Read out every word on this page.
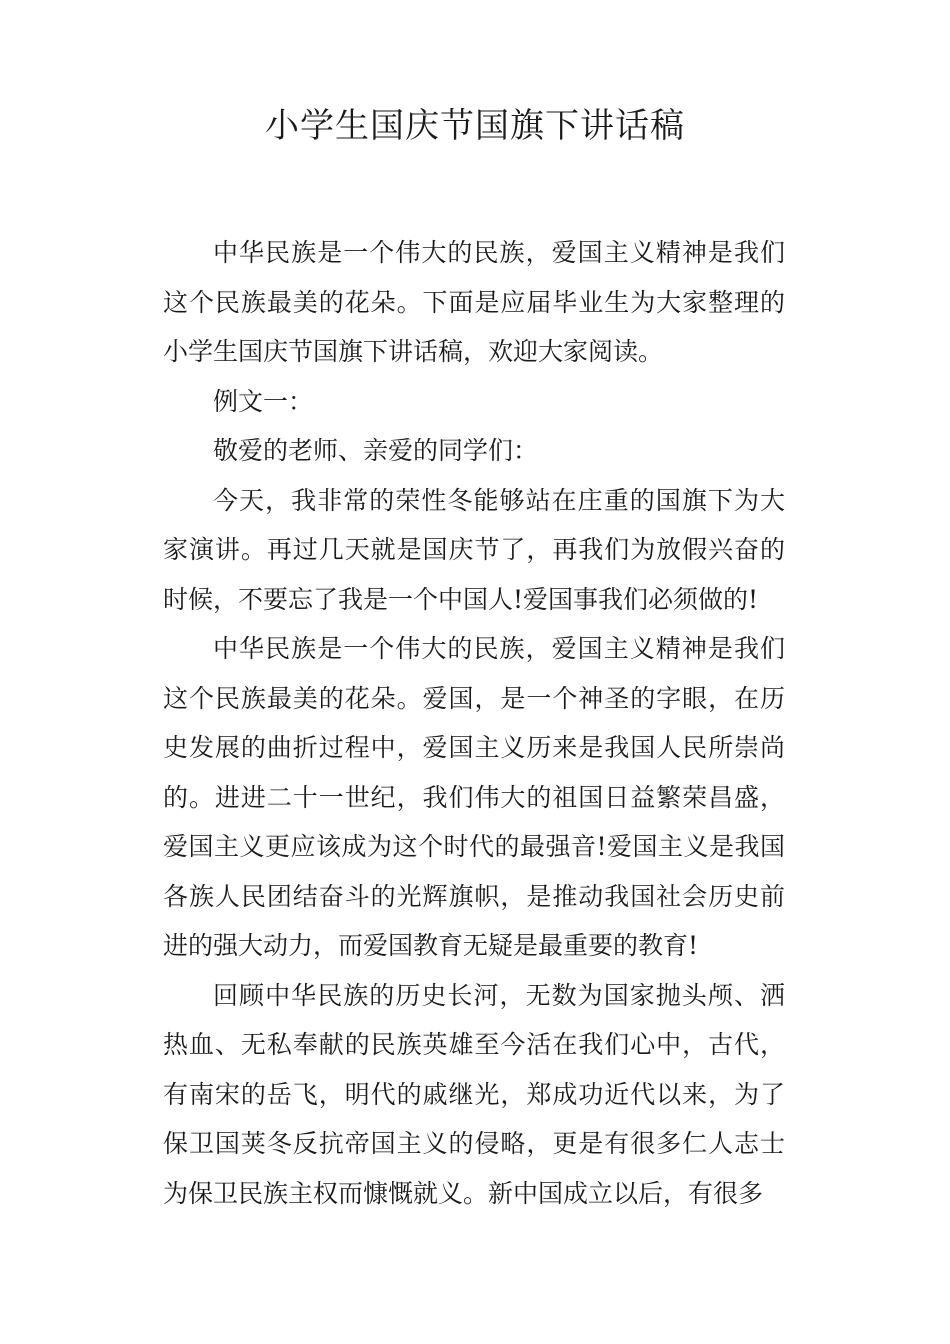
小学生国庆节国旗下讲话稿

中华民族是一个伟大的民族，爱国主义精神是我们这个民族最美的花朵。下面是应届毕业生为大家整理的小学生国庆节国旗下讲话稿，欢迎大家阅读。

例文一：

敬爱的老师、亲爱的同学们：

今天，我非常的荣性冬能够站在庄重的国旗下为大家演讲。再过几天就是国庆节了，再我们为放假兴奋的时候，不要忘了我是一个中国人!爱国事我们必须做的!

中华民族是一个伟大的民族，爱国主义精神是我们这个民族最美的花朵。爱国，是一个神圣的字眼，在历史发展的曲折过程中，爱国主义历来是我国人民所崇尚的。进进二十一世纪，我们伟大的祖国日益繁荣昌盛，爱国主义更应该成为这个时代的最强音!爱国主义是我国各族人民团结奋斗的光辉旗帜，是推动我国社会历史前进的强大动力，而爱国教育无疑是最重要的教育!

回顾中华民族的历史长河，无数为国家抛头颅、洒热血、无私奉献的民族英雄至今活在我们心中，古代，有南宋的岳飞，明代的戚继光，郑成功近代以来，为了保卫国荚冬反抗帝国主义的侵略，更是有很多仁人志士为保卫民族主权而慷慨就义。新中国成立以后，有很多
